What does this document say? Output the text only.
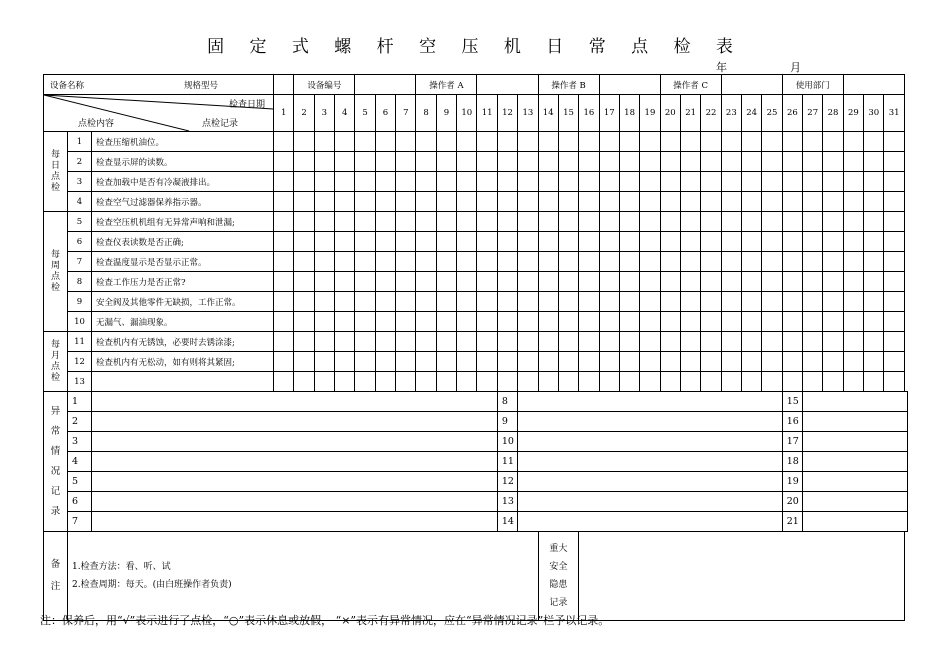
固 定 式 螺 杆 空 压 机 日 常 点 检 表
年	月
设备名称 规格型号				设备编号						操作者 A						操作者 B						操作者 C						使用部门					

检查日期
点检内容 点检记录			1	2	3	4	5	6	7	8	9	10	11	12	13	14	15	16	17	18	19	20	21	22	23	24	25	26	27	28	29	30	31

每日点检	1	检查压缩机油位。																															
	2	检查显示屏的读数。																															
	3	检查加载中是否有冷凝液排出。																															
	4	检查空气过滤器保养指示器。																															

每周点检	5	检查空压机机组有无异常声响和泄漏;																															
	6	检查仪表读数是否正确;																															
	7	检查温度显示是否显示正常。																															
	8	检查工作压力是否正常?																															
	9	安全阀及其他零件无缺损，工作正常。																															
	10	无漏气、漏油现象。																															

每月点检	11	检查机内有无锈蚀，必要时去锈涂漆;																															
	12	检查机内有无松动，如有则将其紧固;																															
	13																																

异常情况记录	1													8														15					
	2													9														16					
	3													10														17					
	4													11														18					
	5													12														19					
	6													13														20					
	7													14														21					

备注	1.检查方法：看、听、试
2.检查周期：每天。(由白班操作者负责)															重大安全隐患记录																	

注：保养后，用“√”表示进行了点检，“○”表示休息或放假， “×”表示有异常情况，应在“异常情况记录”栏予以记录。
